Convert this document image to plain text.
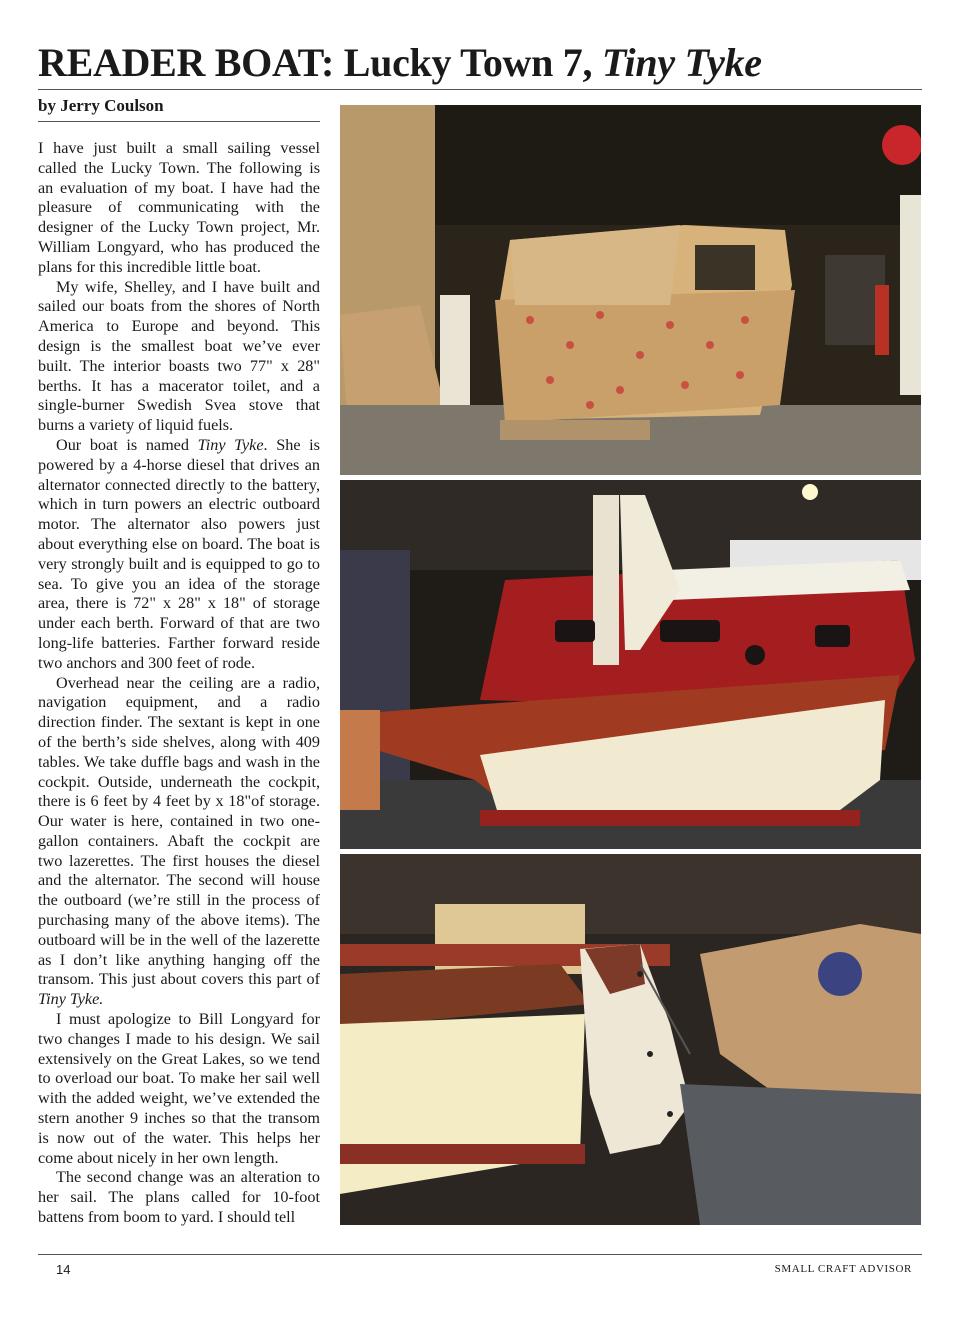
READER BOAT: Lucky Town 7, Tiny Tyke
by Jerry Coulson

I have just built a small sailing vessel called the Lucky Town. The following is an evaluation of my boat. I have had the pleasure of communicating with the designer of the Lucky Town project, Mr. William Longyard, who has produced the plans for this incredible little boat.

My wife, Shelley, and I have built and sailed our boats from the shores of North America to Europe and beyond. This design is the smallest boat we’ve ever built. The interior boasts two 77" x 28" berths. It has a macerator toilet, and a single-burner Swedish Svea stove that burns a variety of liquid fuels.

Our boat is named Tiny Tyke. She is powered by a 4-horse diesel that drives an alternator connected directly to the battery, which in turn powers an electric outboard motor. The alternator also powers just about everything else on board. The boat is very strongly built and is equipped to go to sea. To give you an idea of the storage area, there is 72" x 28" x 18" of storage under each berth. Forward of that are two long-life batteries. Farther forward reside two anchors and 300 feet of rode.

Overhead near the ceiling are a radio, navigation equipment, and a radio direction finder. The sextant is kept in one of the berth’s side shelves, along with 409 tables. We take duffle bags and wash in the cockpit. Outside, underneath the cockpit, there is 6 feet by 4 feet by x 18"of storage. Our water is here, contained in two one-gallon containers. Abaft the cockpit are two lazerettes. The first houses the diesel and the alternator. The second will house the outboard (we’re still in the process of purchasing many of the above items). The outboard will be in the well of the lazerette as I don’t like anything hanging off the transom. This just about covers this part of Tiny Tyke.

I must apologize to Bill Longyard for two changes I made to his design. We sail extensively on the Great Lakes, so we tend to overload our boat. To make her sail well with the added weight, we’ve extended the stern another 9 inches so that the transom is now out of the water. This helps her come about nicely in her own length.

The second change was an alteration to her sail. The plans called for 10-foot battens from boom to yard. I should tell

14	SMALL CRAFT ADVISOR
